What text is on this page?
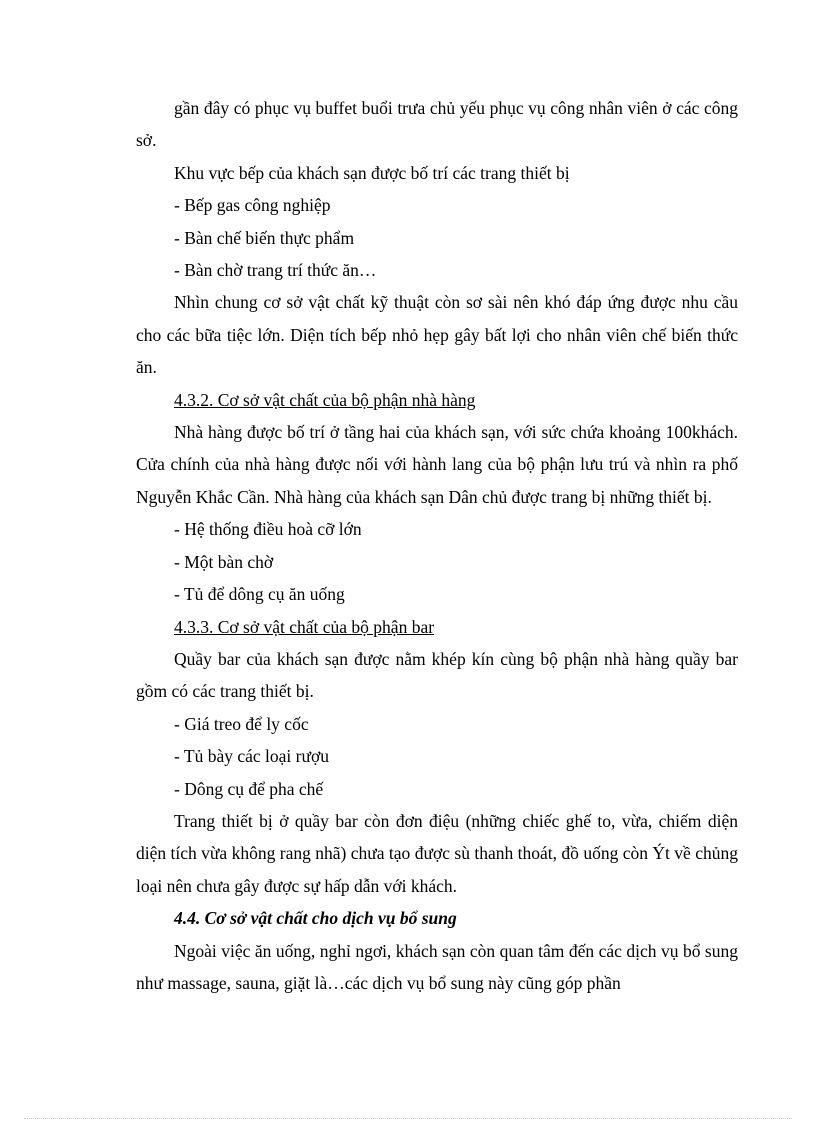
gần đây có phục vụ buffet buổi trưa chủ yếu phục vụ công nhân viên ở các công sở.

Khu vực bếp của khách sạn được bố trí các trang thiết bị

- Bếp gas công nghiệp

- Bàn chế biến thực phẩm

- Bàn chờ trang trí thức ăn…

Nhìn chung cơ sở vật chất kỹ thuật còn sơ sài nên khó đáp ứng được nhu cầu cho các bữa tiệc lớn. Diện tích bếp nhỏ hẹp gây bất lợi cho nhân viên chế biến thức ăn.

4.3.2. Cơ sở vật chất của bộ phận nhà hàng

Nhà hàng được bố trí ở tầng hai của khách sạn, với sức chứa khoảng 100khách. Cửa chính của nhà hàng được nối với hành lang của bộ phận lưu trú và nhìn ra phố Nguyễn Khắc Cần. Nhà hàng của khách sạn Dân chủ được trang bị những thiết bị.

- Hệ thống điều hoà cỡ lớn

- Một bàn chờ

- Tủ để dông cụ ăn uống

4.3.3. Cơ sở vật chất của bộ phận bar

Quầy bar của khách sạn được nằm khép kín cùng bộ phận nhà hàng quầy bar gồm có các trang thiết bị.

- Giá treo để ly cốc

- Tủ bày các loại rượu

- Dông cụ để pha chế

Trang thiết bị ở quầy bar còn đơn điệu (những chiếc ghế to, vừa, chiếm diện diện tích vừa không rang nhã) chưa tạo được sù thanh thoát, đồ uống còn Ýt về chủng loại nên chưa gây được sự hấp dẫn với khách.

4.4. Cơ sở vật chất cho dịch vụ bổ sung

Ngoài việc ăn uống, nghỉ ngơi, khách sạn còn quan tâm đến các dịch vụ bổ sung như massage, sauna, giặt là…các dịch vụ bổ sung này cũng góp phần
